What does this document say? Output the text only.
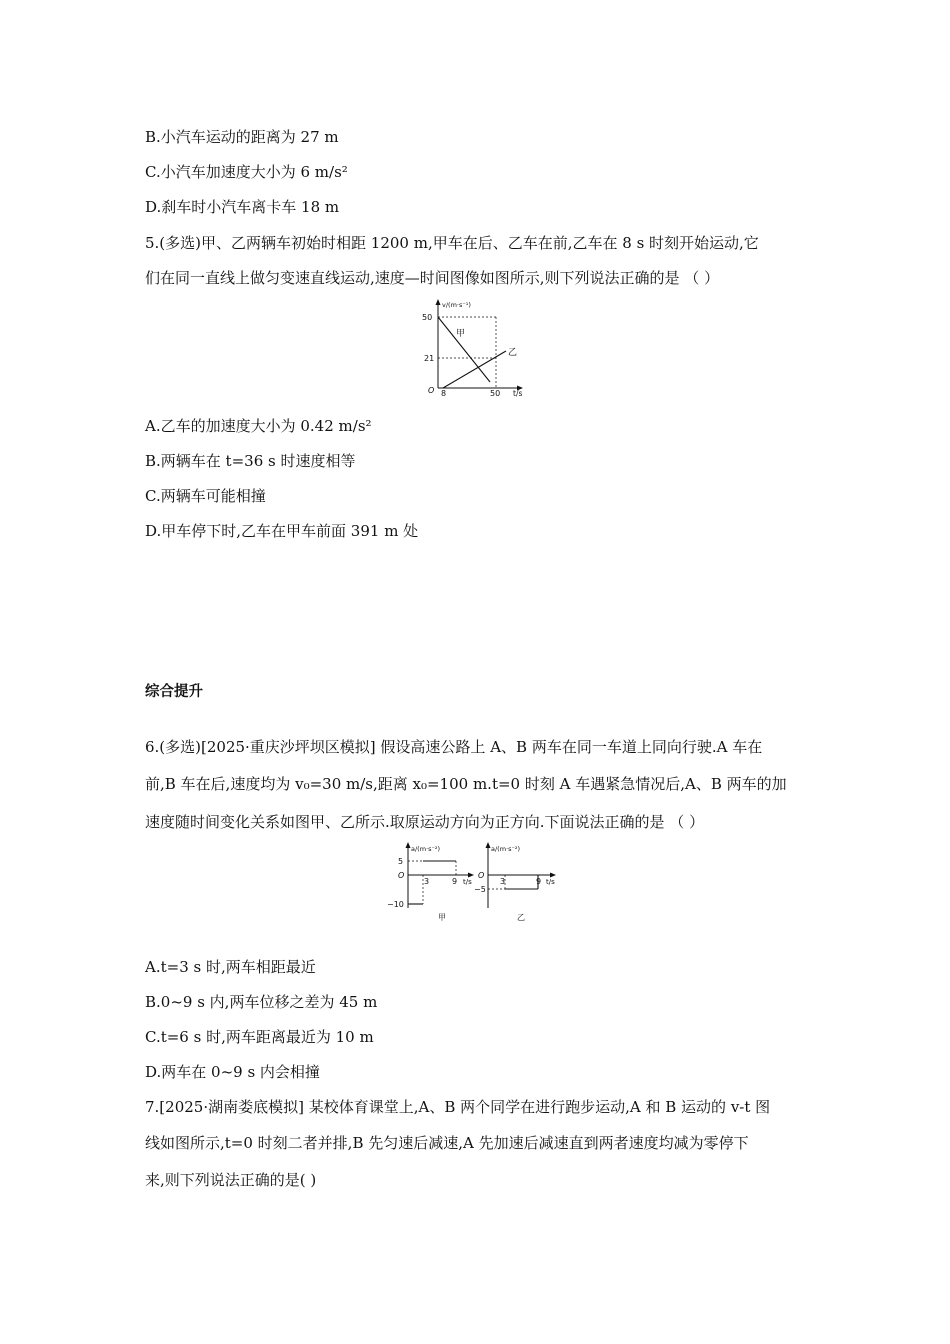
B.小汽车运动的距离为 27 m
C.小汽车加速度大小为 6 m/s²
D.刹车时小汽车离卡车 18 m
5.(多选)甲、乙两辆车初始时相距 1200 m,甲车在后、乙车在前,乙车在 8 s 时刻开始运动,它
们在同一直线上做匀变速直线运动,速度—时间图像如图所示,则下列说法正确的是 （ ）
v/(m·s⁻¹)
50
21
O 8	50 t/s
甲
乙
A.乙车的加速度大小为 0.42 m/s²
B.两辆车在 t=36 s 时速度相等
C.两辆车可能相撞
D.甲车停下时,乙车在甲车前面 391 m 处
综合提升
6.(多选)[2025·重庆沙坪坝区模拟] 假设高速公路上 A、B 两车在同一车道上同向行驶.A 车在
前,B 车在后,速度均为 v₀=30 m/s,距离 x₀=100 m.t=0 时刻 A 车遇紧急情况后,A、B 两车的加
速度随时间变化关系如图甲、乙所示.取原运动方向为正方向.下面说法正确的是 （ ）
a/(m·s⁻²)
5
−10
O
3	9 t/s
甲
a/(m·s⁻²)
O
−5
3	9 t/s
乙
A.t=3 s 时,两车相距最近
B.0~9 s 内,两车位移之差为 45 m
C.t=6 s 时,两车距离最近为 10 m
D.两车在 0~9 s 内会相撞
7.[2025·湖南娄底模拟] 某校体育课堂上,A、B 两个同学在进行跑步运动,A 和 B 运动的 v-t 图
线如图所示,t=0 时刻二者并排,B 先匀速后减速,A 先加速后减速直到两者速度均减为零停下
来,则下列说法正确的是( )
